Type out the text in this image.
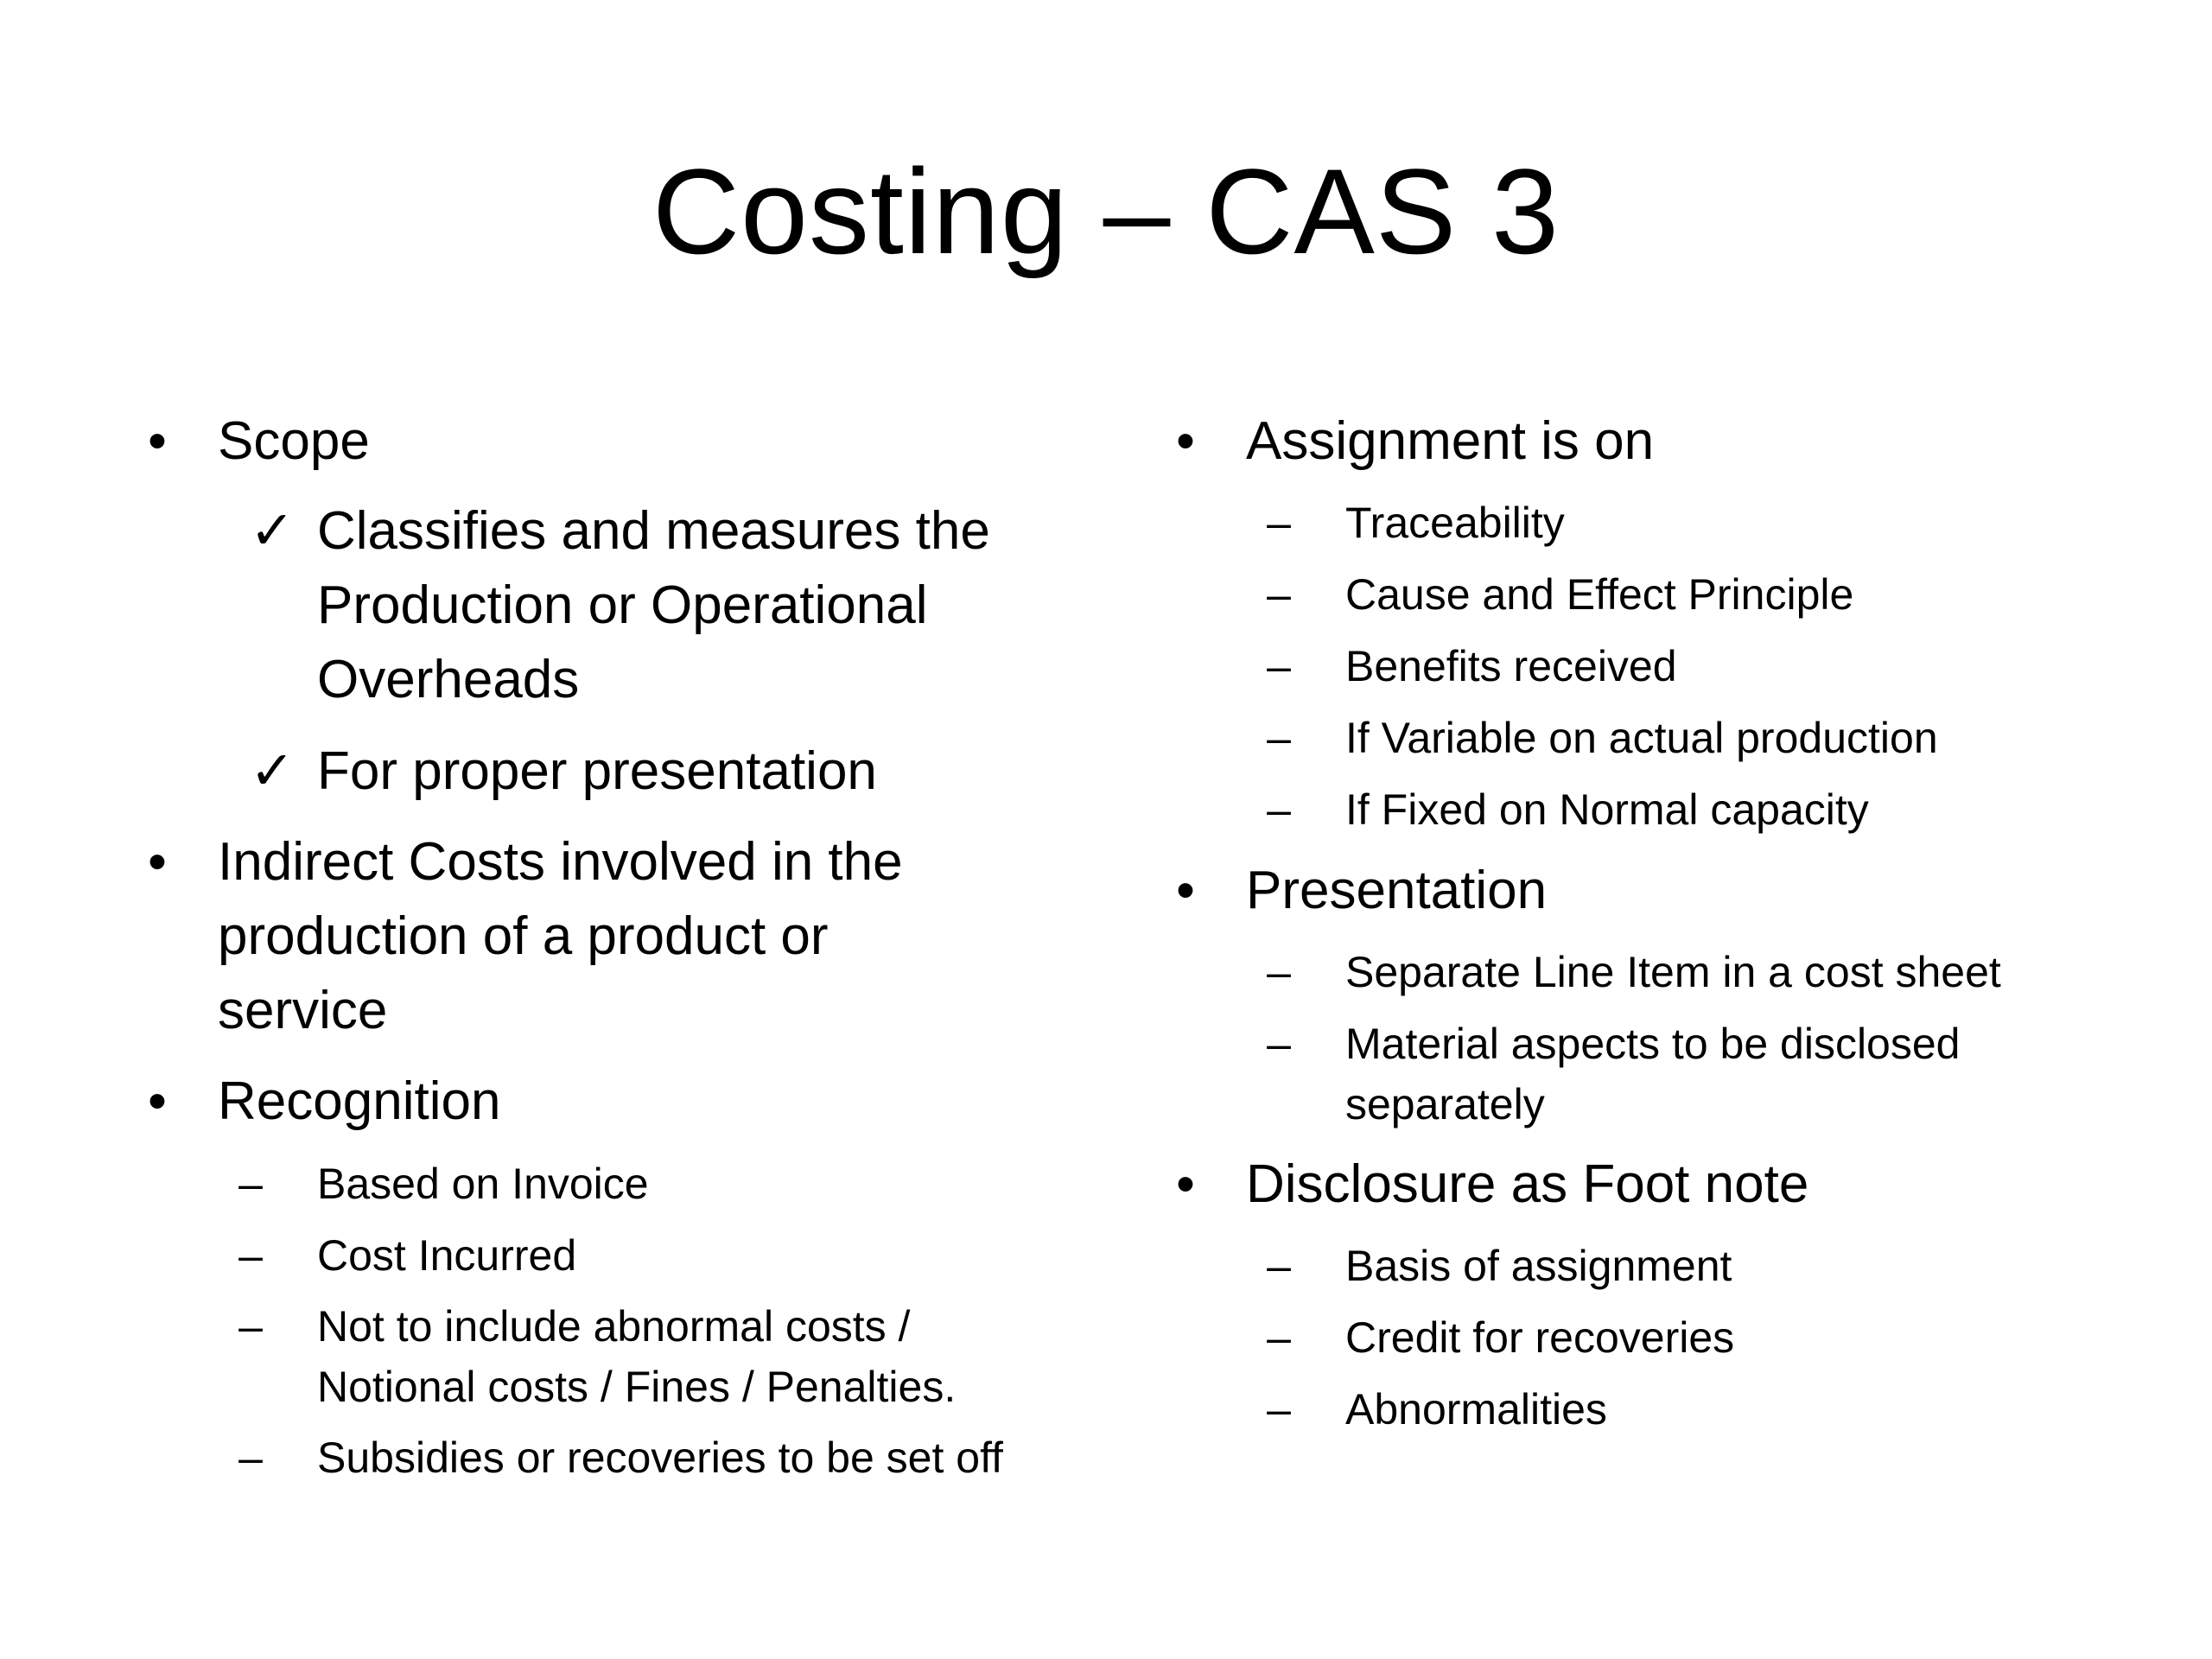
Costing – CAS 3
• Scope
✓ Classifies and measures the Production or Operational Overheads
✓ For proper presentation
• Indirect Costs involved in the production of a product or service
• Recognition
–	Based on Invoice
–	Cost Incurred
–	Not to include abnormal costs / Notional costs / Fines / Penalties.
–	Subsidies or recoveries to be set off
• Assignment is on
–	Traceability
–	Cause and Effect Principle
–	Benefits received
–	If Variable on actual production
–	If Fixed on Normal capacity
• Presentation
–	Separate Line Item in a cost sheet
–	Material aspects to be disclosed separately
• Disclosure as Foot note
–	Basis of assignment
–	Credit for recoveries
–	Abnormalities
